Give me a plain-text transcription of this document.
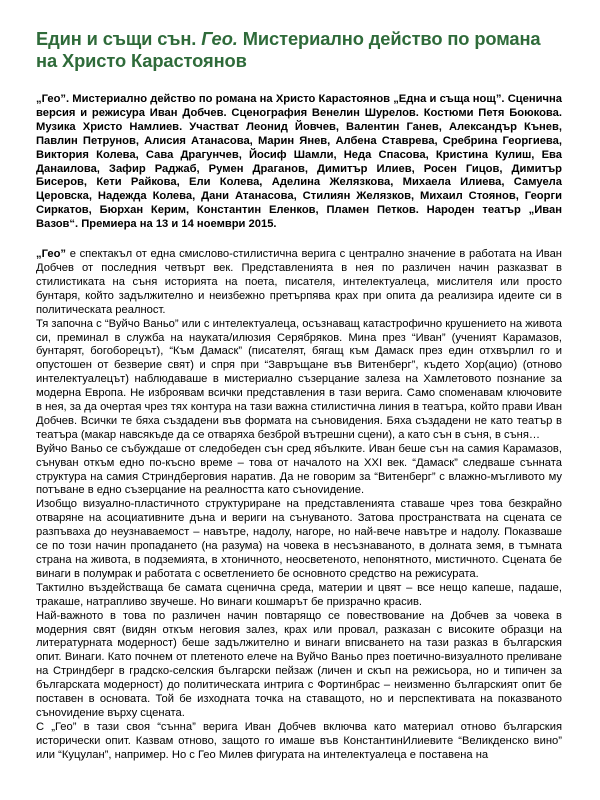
Един и същи сън. Гео. Мистериално действо по романа на Христо Карастоянов

„Гео”. Мистериално действо по романа на Христо Карастоянов „Една и съща нощ”. Сценична версия и режисура Иван Добчев. Сценография Венелин Шурелов. Костюми Петя Боюкова. Музика Христо Намлиев. Участват Леонид Йовчев, Валентин Ганев, Александър Кънев, Павлин Петрунов, Алисия Атанасова, Марин Янев, Албена Ставрева, Сребрина Георгиева, Виктория Колева, Сава Драгунчев, Йосиф Шамли, Неда Спасова, Кристина Кулиш, Ева Данаилова, Зафир Раджаб, Румен Драганов, Димитър Илиев, Росен Гицов, Димитър Бисеров, Кети Райкова, Ели Колева, Аделина Желязкова, Михаела Илиева, Самуела Церовска, Надежда Колева, Дани Атанасова, Стилиян Желязков, Михаил Стоянов, Георги Сиркатов, Бюрхан Керим, Константин Еленков, Пламен Петков. Народен театър „Иван Вазов“. Премиера на 13 и 14 ноември 2015.

„Гео” е спектакъл от една смислово-стилистична верига с централно значение в работата на Иван Добчев от последния четвърт век. Представленията в нея по различен начин разказват в стилистиката на съня историята на поета, писателя, интелектуалеца, мислителя или просто бунтаря, който задължително и неизбежно претърпява крах при опита да реализира идеите си в политическата реалност.

Тя започна с “Вуйчо Ваньо” или с интелектуалеца, осъзнаващ катастрофично крушението на живота си, преминал в служба на науката/илюзия Серябряков. Мина през “Иван” (ученият Карамазов, бунтарят, богоборецът), “Към Дамаск” (писателят, бягащ към Дамаск през един отхвърлил го и опустошен от безверие свят) и спря при “Завръщане във Витенберг”, където Хор(ацио) (отново интелектуалецът) наблюдаваше в мистериално съзерцание залеза на Хамлетовото познание за модерна Европа. Не изброявам всички представления в тази верига. Само споменавам ключовите в нея, за да очертая чрез тях контура на тази важна стилистична линия в театъра, който прави Иван Добчев. Всички те бяха създадени във формата на съновидения. Бяха създадени не като театър в театъра (макар навсякъде да се отваряха безброй вътрешни сцени), а като сън в съня, в съня…

Вуйчо Ваньо се събуждаше от следобеден сън сред ябълките. Иван беше сън на самия Карамазов, сънуван откъм едно по-късно време – това от началото на XXI век. “Дамаск” следваше сънната структура на самия Стриндберговия наратив. Да не говорим за “Витенберг” с влажно-мъгливото му потъване в едно съзерцание на реалността като сънovидение.

Изобщо визуално-пластичното структуриране на представленията ставаше чрез това безкрайно отваряне на асоциативните дъна и вериги на сънуваното. Затова пространствата на сцената се разпъваха до неузнаваемост – навътре, надолу, нагоре, но най-вече навътре и надолу. Показваше се по този начин пропадането (на разума) на човека в несъзнаваното, в долната земя, в тъмната страна на живота, в подземията, в хтоничното, неосветеното, непонятното, мистичното. Сцената бе винаги в полумрак и работата с осветлението бе основното средство на режисурата.

Тактилно въздействаща бе самата сценична среда, материи и цвят – все нещо капеше, падаше, тракаше, натрапливо звучеше. Но винаги кошмарът бе призрачно красив.

Най-важното в това по различен начин повтарящо се повествование на Добчев за човека в модерния свят (видян откъм неговия залез, крах или провал, разказан с високите образци на литературната модерност) беше задължително и винаги вписването на тази разказ в българския опит. Винаги. Като почнем от плетеното елече на Вуйчо Ваньо през поетично-визуалното преливане на Стриндберг в градско-селския български пейзаж (личен и скъп на режисьора, но и типичен за българската модерност) до политическата интрига с Фортинбрас – неизменно българският опит бе поставен в основата. Той бе изходната точка на ставащото, но и перспективата на показваното сънovидение върху сцената.

С „Гео” в тази своя “сънна” верига Иван Добчев включва като материал отново българския исторически опит. Казвам отново, защото го имаше във КонстантинИлиевите “Великденско вино” или “Куцулан”, например. Но с Гео Милев фигурата на интелектуалеца е поставена на
